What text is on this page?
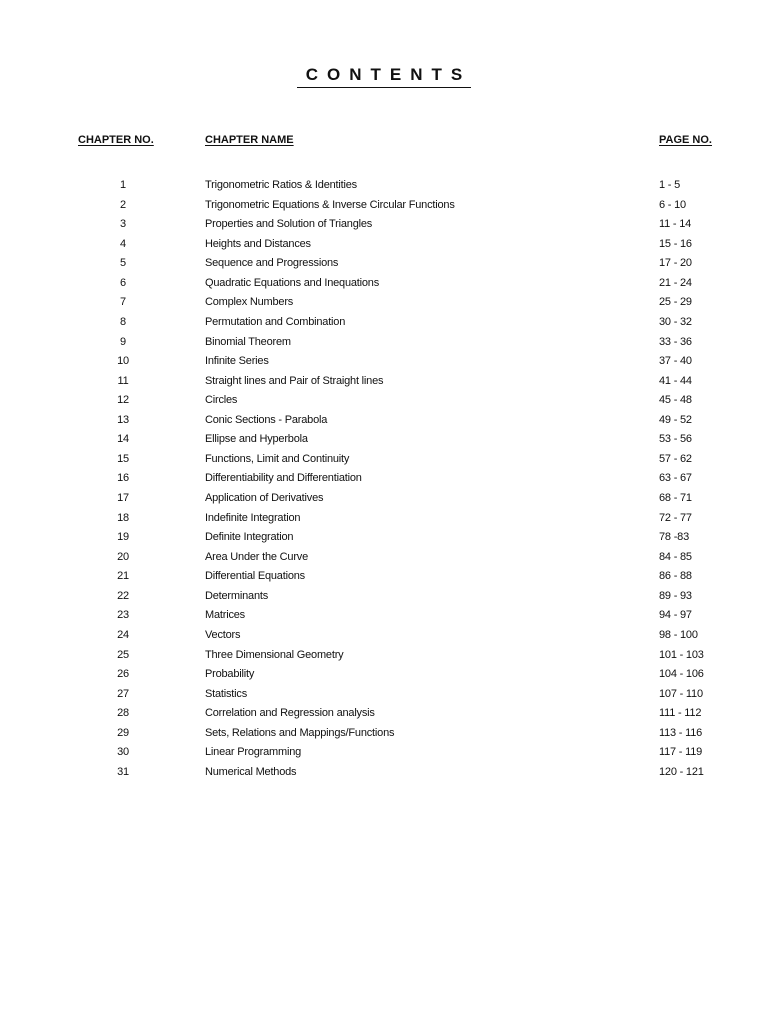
CONTENTS
CHAPTER NO.	CHAPTER NAME	PAGE NO.
1	Trigonometric Ratios & Identities	1 - 5
2	Trigonometric Equations & Inverse Circular Functions	6 - 10
3	Properties and Solution of Triangles	11 - 14
4	Heights and Distances	15 - 16
5	Sequence and Progressions	17 - 20
6	Quadratic Equations and Inequations	21 - 24
7	Complex Numbers	25 - 29
8	Permutation and Combination	30 - 32
9	Binomial Theorem	33 - 36
10	Infinite Series	37 - 40
11	Straight lines and Pair of Straight lines	41 - 44
12	Circles	45 - 48
13	Conic Sections - Parabola	49 - 52
14	Ellipse and Hyperbola	53 - 56
15	Functions, Limit and Continuity	57 - 62
16	Differentiability and Differentiation	63 - 67
17	Application of Derivatives	68 - 71
18	Indefinite Integration	72 - 77
19	Definite Integration	78 -83
20	Area Under the Curve	84 - 85
21	Differential Equations	86 - 88
22	Determinants	89 - 93
23	Matrices	94 - 97
24	Vectors	98 - 100
25	Three Dimensional Geometry	101 - 103
26	Probability	104 - 106
27	Statistics	107 - 110
28	Correlation and Regression analysis	111 - 112
29	Sets, Relations and Mappings/Functions	113 - 116
30	Linear Programming	117 - 119
31	Numerical Methods	120 - 121
